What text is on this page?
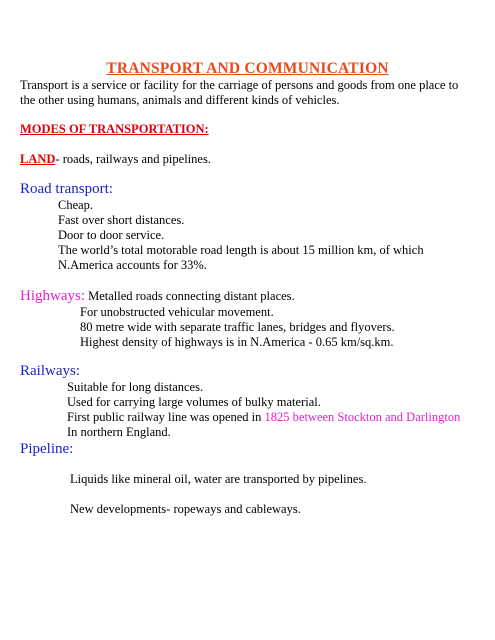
TRANSPORT AND COMMUNICATION
Transport is a service or facility for the carriage of persons and goods from one place to
the other using humans, animals and different kinds of vehicles.
MODES OF TRANSPORTATION:
LAND- roads, railways and pipelines.
Road transport:
Cheap.
Fast over short distances.
Door to door service.
The world’s total motorable road length is about 15 million km, of which
N.America accounts for 33%.
Highways: Metalled roads connecting distant places.
For unobstructed vehicular movement.
80 metre wide with separate traffic lanes, bridges and flyovers.
Highest density of highways is in N.America - 0.65 km/sq.km.
Railways:
Suitable for long distances.
Used for carrying large volumes of bulky material.
First public railway line was opened in 1825 between Stockton and Darlington
In northern England.
Pipeline:
Liquids like mineral oil, water are transported by pipelines.
New developments- ropeways and cableways.
